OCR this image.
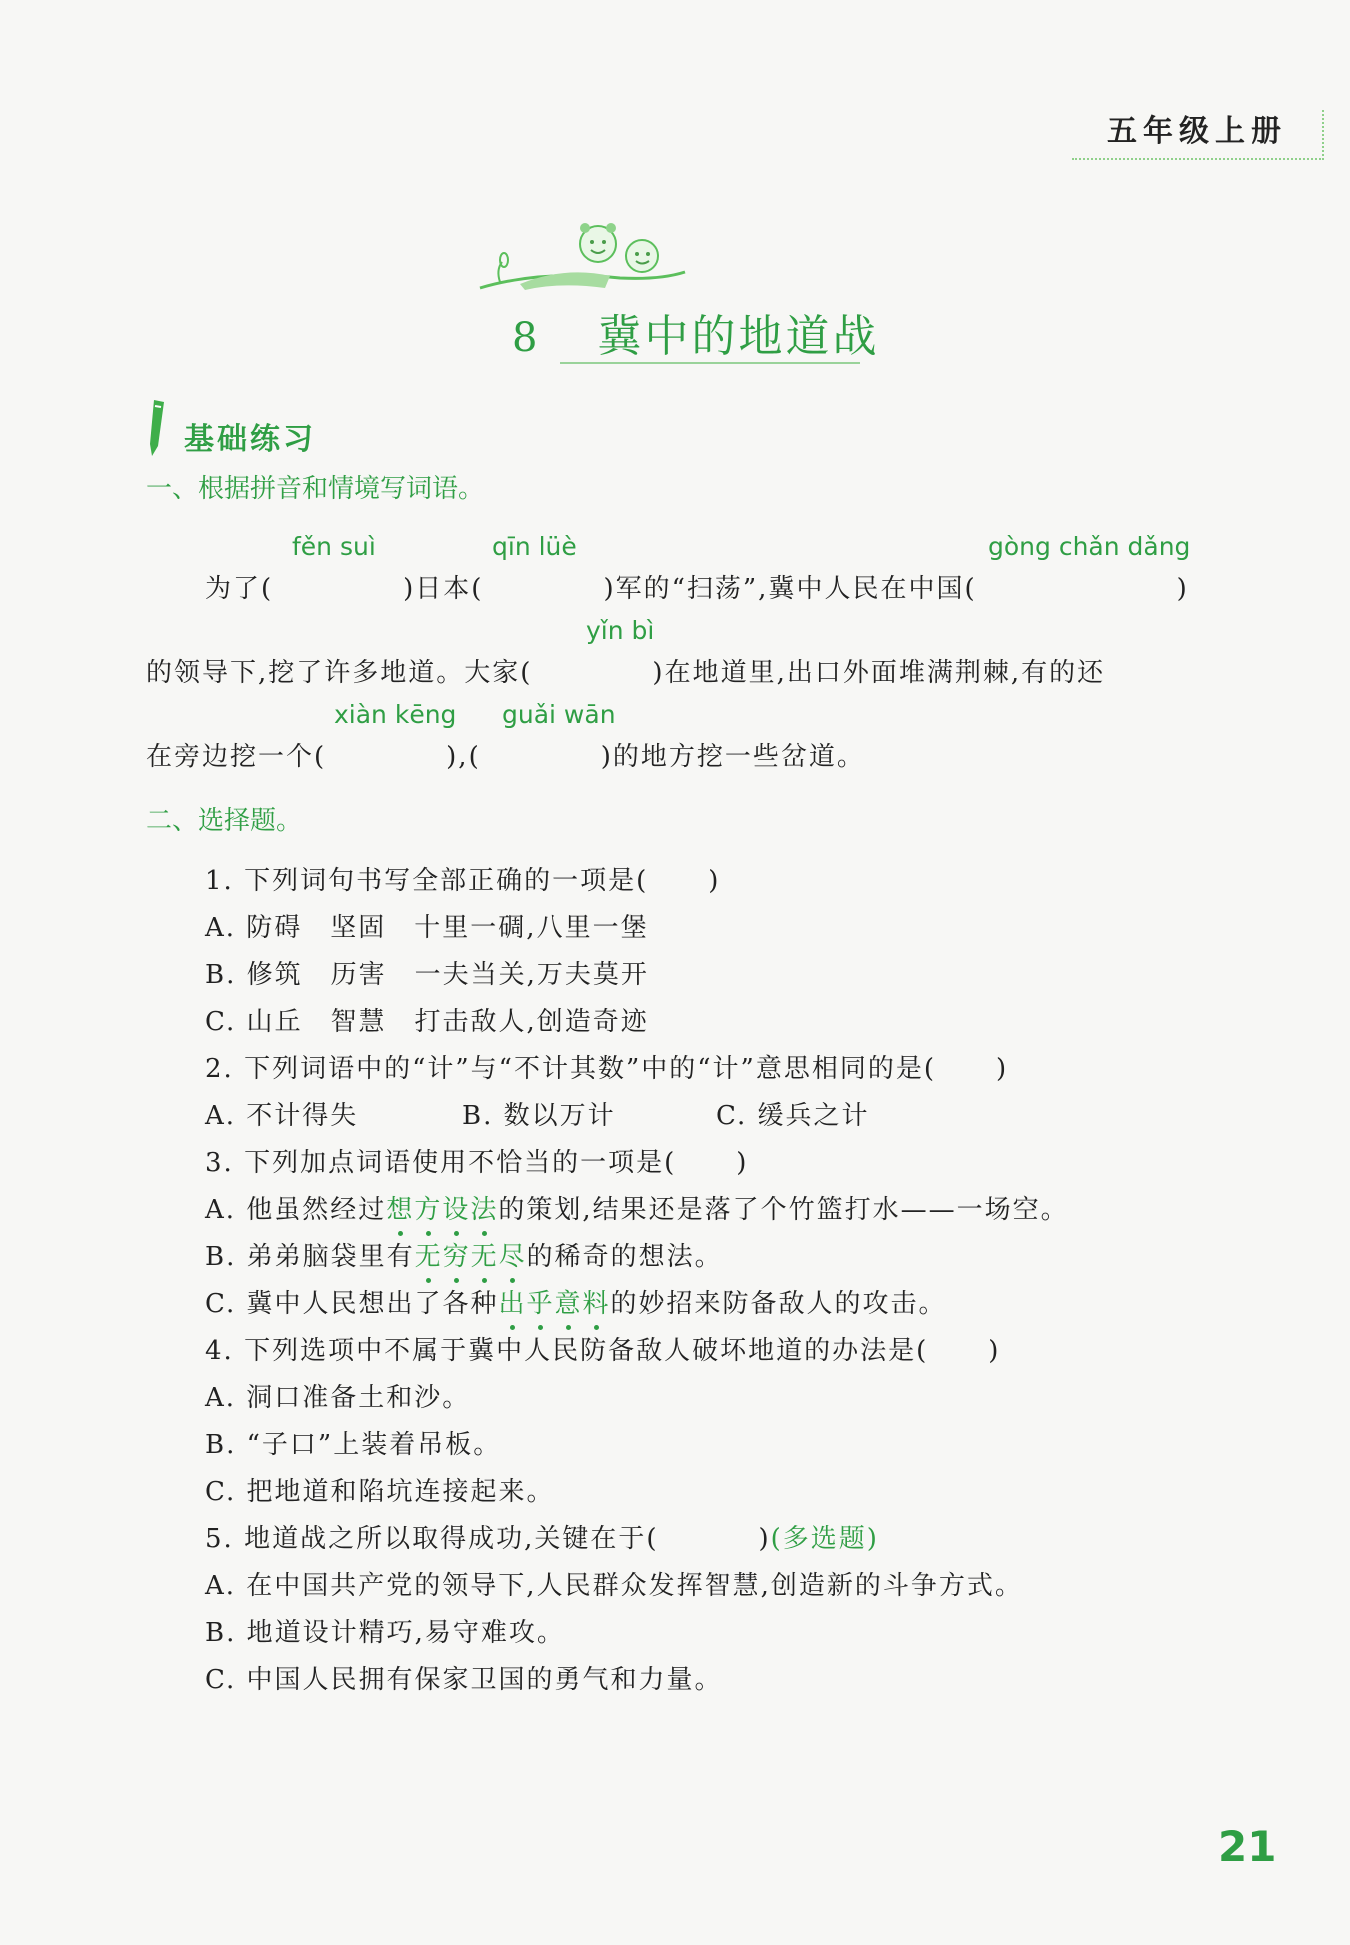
五年级上册
8 冀中的地道战
基础练习
一、根据拼音和情境写词语。
fěn suì	qīn lüè	gòng chǎn dǎng
为了(	)日本(	)军的“扫荡”,冀中人民在中国(	)
yǐn bì
的领导下,挖了许多地道。大家(	)在地道里,出口外面堆满荆棘,有的还
xiàn kēng guǎi wān
在旁边挖一个(	),(	)的地方挖一些岔道。
二、选择题。
1. 下列词句书写全部正确的一项是( )
A. 防碍　坚固　十里一碉,八里一堡
B. 修筑　历害　一夫当关,万夫莫开
C. 山丘　智慧　打击敌人,创造奇迹
2. 下列词语中的“计”与“不计其数”中的“计”意思相同的是( )
A. 不计得失	B. 数以万计	C. 缓兵之计
3. 下列加点词语使用不恰当的一项是( )
A. 他虽然经过想方设法
的策划,结果还是落了个竹篮打水——一场空。
B. 弟弟脑袋里有无穷无尽
的稀奇的想法。
C. 冀中人民想出了各种出乎意料
的妙招来防备敌人的攻击。
4. 下列选项中不属于冀中人民防备敌人破坏地道的办法是( )
A. 洞口准备土和沙。
B. “子口”上装着吊板。
C. 把地道和陷坑连接起来。
5. 地道战之所以取得成功,关键在于(	)(多选题)
A. 在中国共产党的领导下,人民群众发挥智慧,创造新的斗争方式。
B. 地道设计精巧,易守难攻。
C. 中国人民拥有保家卫国的勇气和力量。
21
